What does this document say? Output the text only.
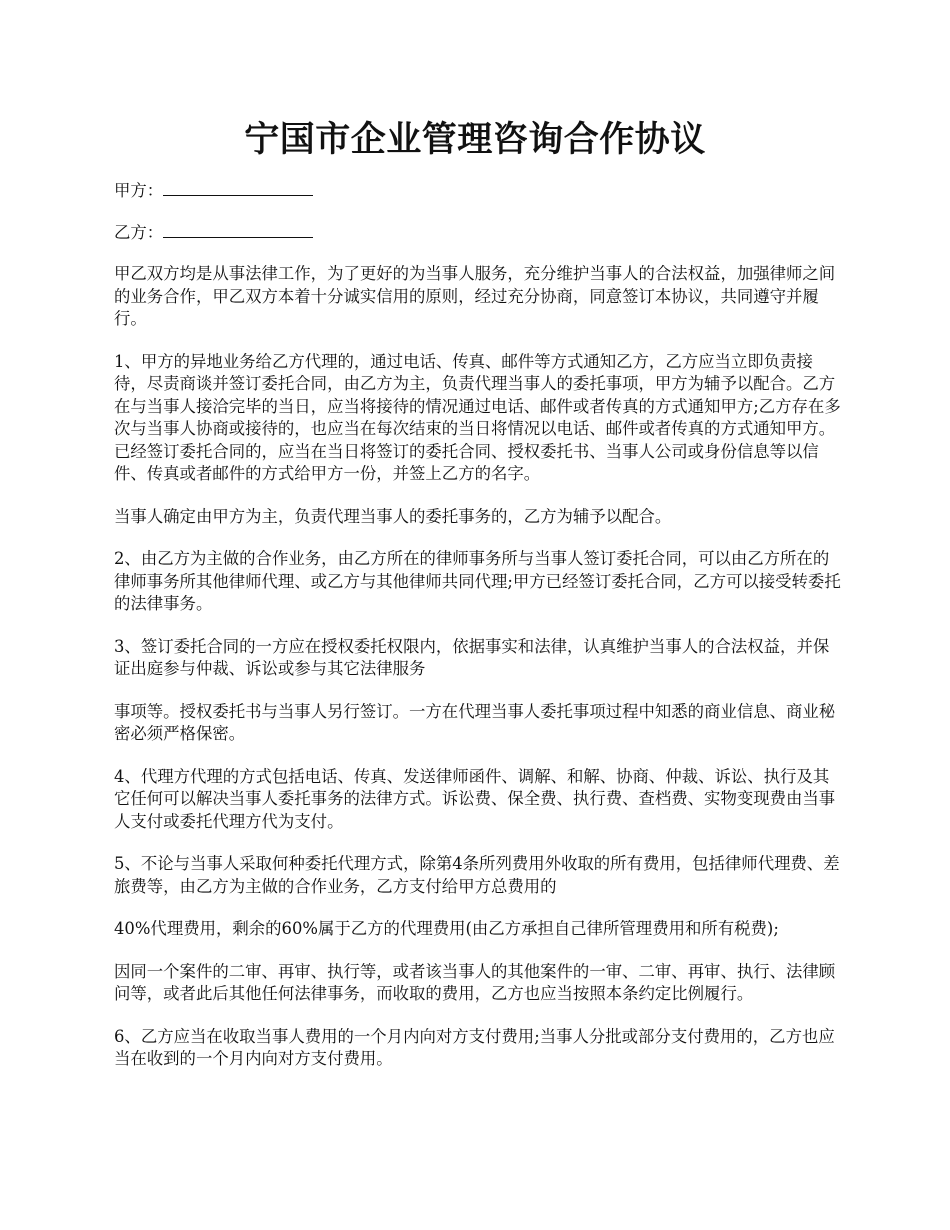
宁国市企业管理咨询合作协议

甲方：

乙方：

甲乙双方均是从事法律工作，为了更好的为当事人服务，充分维护当事人的合法权益，加强律师之间的业务合作，甲乙双方本着十分诚实信用的原则，经过充分协商，同意签订本协议，共同遵守并履行。

1、甲方的异地业务给乙方代理的，通过电话、传真、邮件等方式通知乙方，乙方应当立即负责接待，尽责商谈并签订委托合同，由乙方为主，负责代理当事人的委托事项，甲方为辅予以配合。乙方在与当事人接洽完毕的当日，应当将接待的情况通过电话、邮件或者传真的方式通知甲方;乙方存在多次与当事人协商或接待的，也应当在每次结束的当日将情况以电话、邮件或者传真的方式通知甲方。已经签订委托合同的，应当在当日将签订的委托合同、授权委托书、当事人公司或身份信息等以信件、传真或者邮件的方式给甲方一份，并签上乙方的名字。

当事人确定由甲方为主，负责代理当事人的委托事务的，乙方为辅予以配合。

2、由乙方为主做的合作业务，由乙方所在的律师事务所与当事人签订委托合同，可以由乙方所在的律师事务所其他律师代理、或乙方与其他律师共同代理;甲方已经签订委托合同，乙方可以接受转委托的法律事务。

3、签订委托合同的一方应在授权委托权限内，依据事实和法律，认真维护当事人的合法权益，并保证出庭参与仲裁、诉讼或参与其它法律服务

事项等。授权委托书与当事人另行签订。一方在代理当事人委托事项过程中知悉的商业信息、商业秘密必须严格保密。

4、代理方代理的方式包括电话、传真、发送律师函件、调解、和解、协商、仲裁、诉讼、执行及其它任何可以解决当事人委托事务的法律方式。诉讼费、保全费、执行费、查档费、实物变现费由当事人支付或委托代理方代为支付。

5、不论与当事人采取何种委托代理方式，除第4条所列费用外收取的所有费用，包括律师代理费、差旅费等，由乙方为主做的合作业务，乙方支付给甲方总费用的

40%代理费用，剩余的60%属于乙方的代理费用(由乙方承担自己律所管理费用和所有税费);

因同一个案件的二审、再审、执行等，或者该当事人的其他案件的一审、二审、再审、执行、法律顾问等，或者此后其他任何法律事务，而收取的费用，乙方也应当按照本条约定比例履行。

6、乙方应当在收取当事人费用的一个月内向对方支付费用;当事人分批或部分支付费用的，乙方也应当在收到的一个月内向对方支付费用。
